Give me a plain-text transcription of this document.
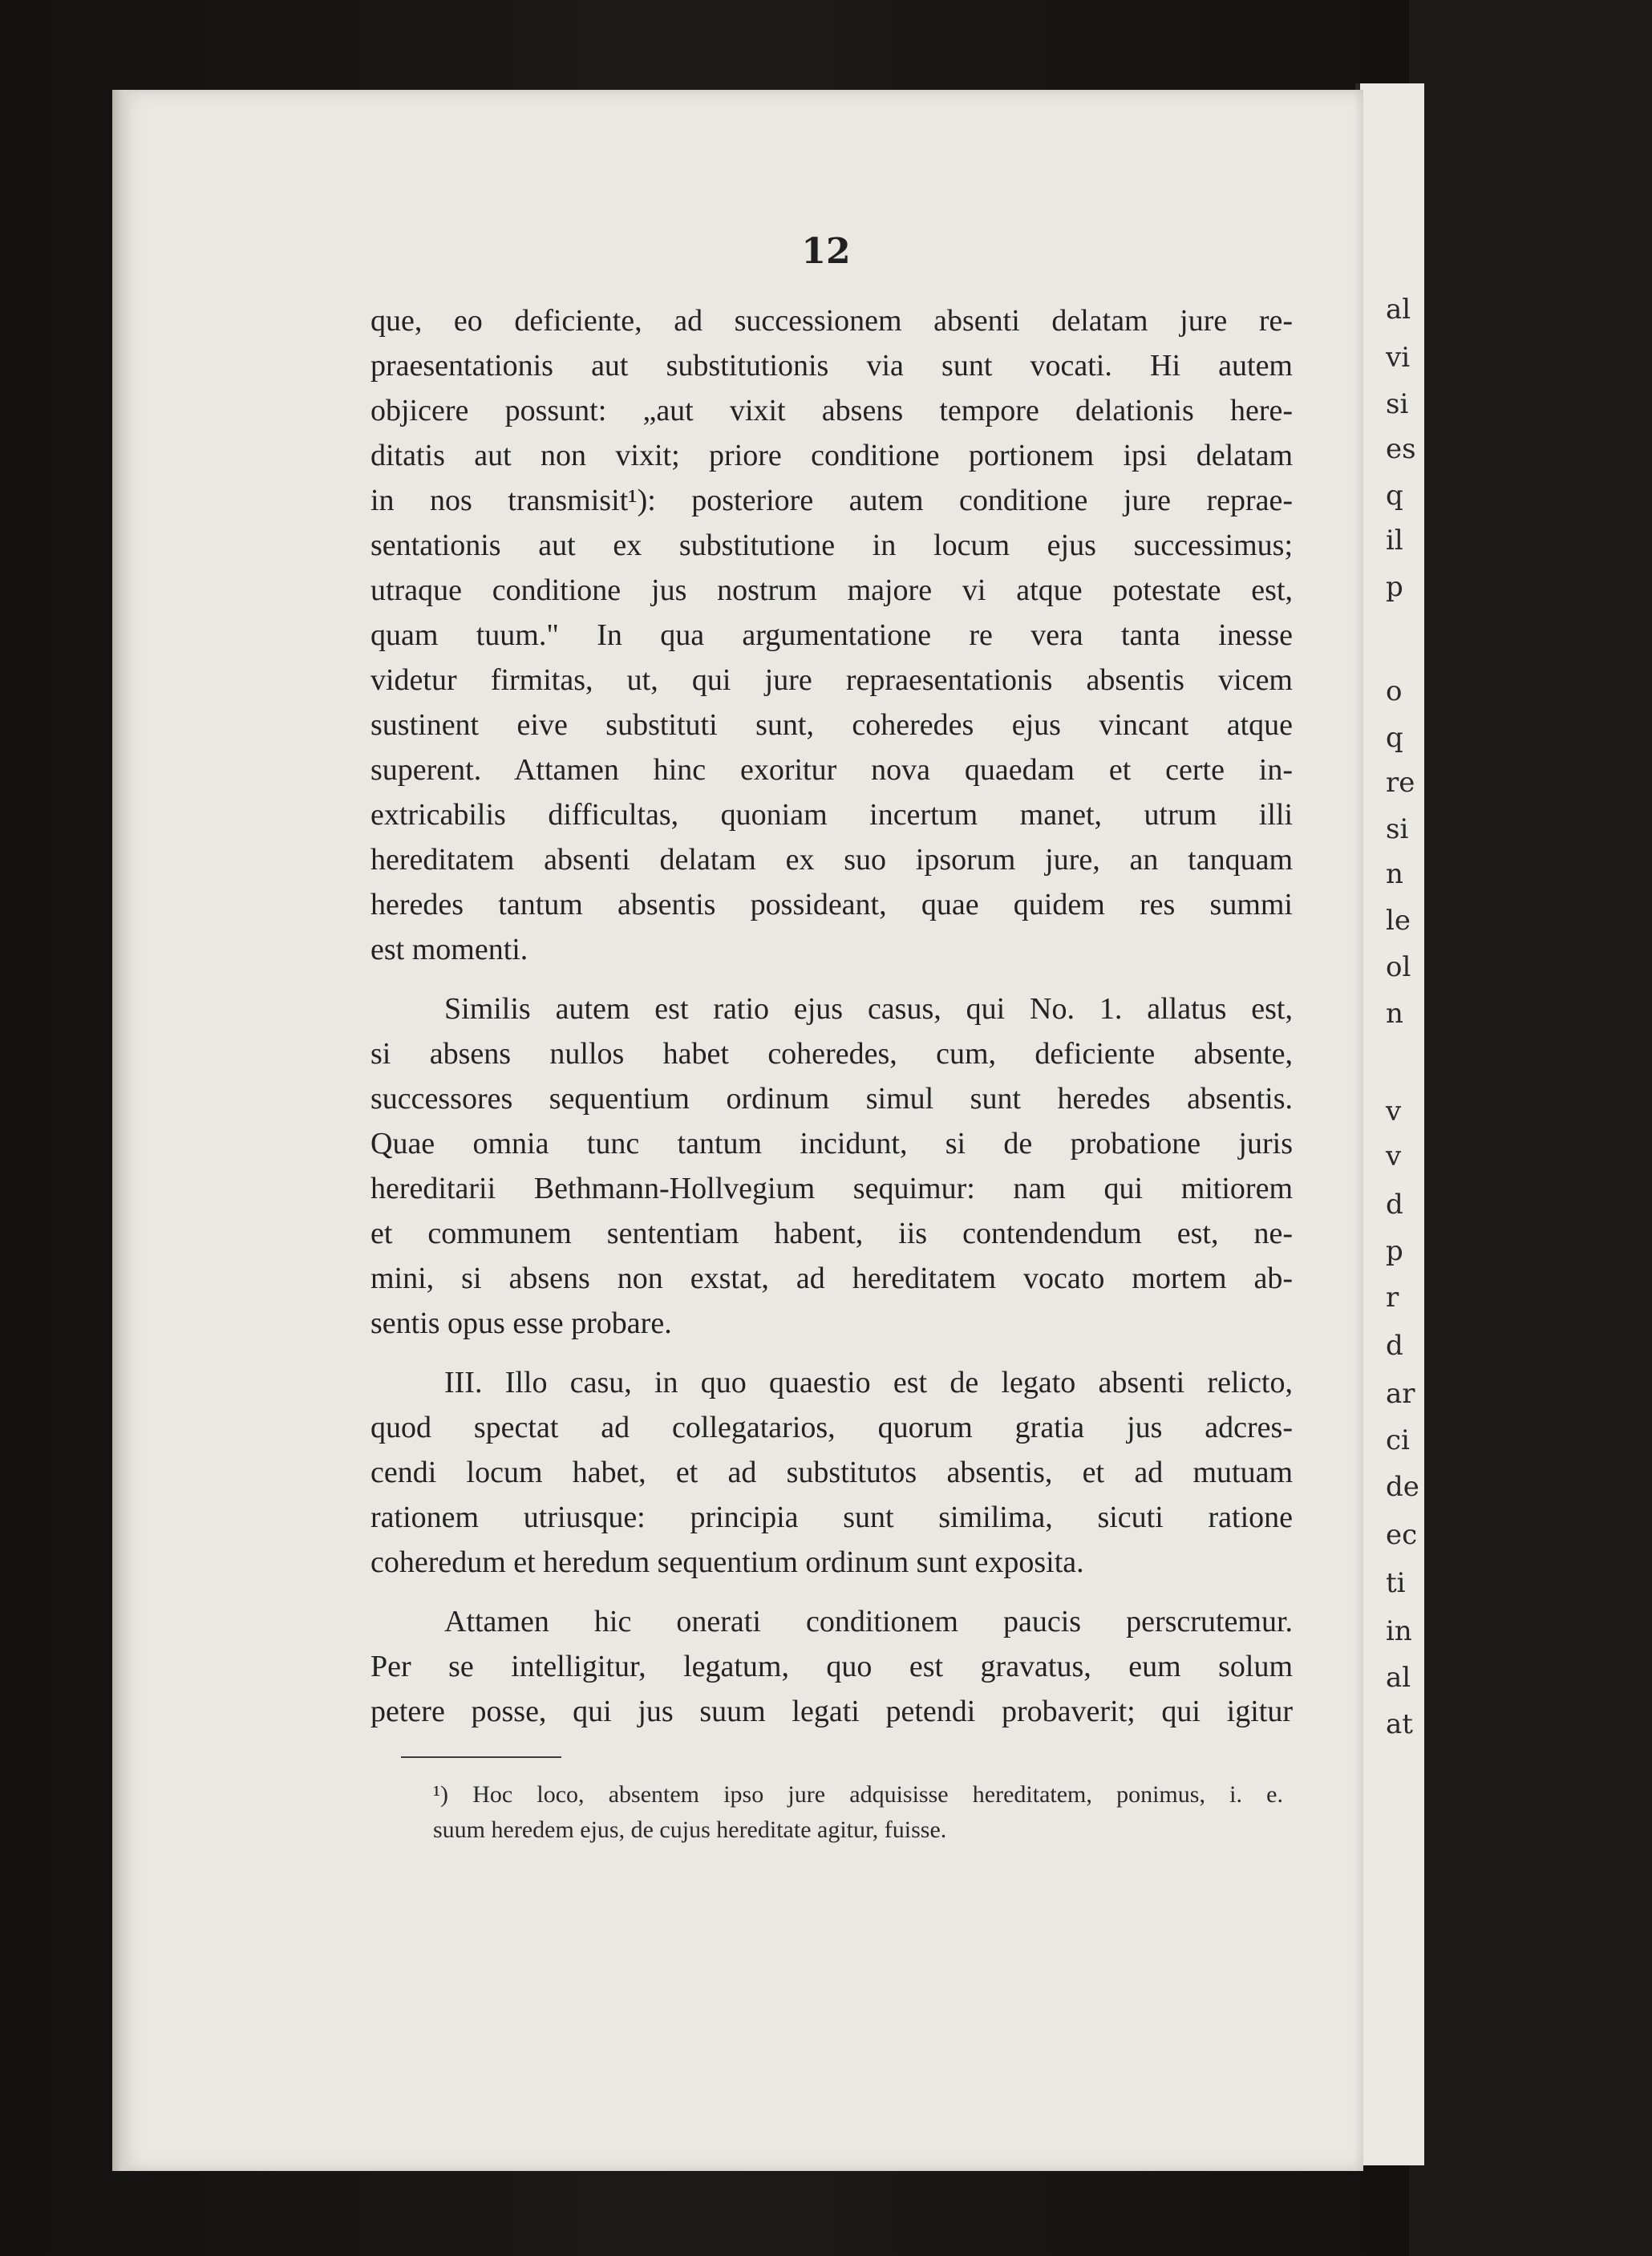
al
vi
si
es
q
il
p
o
q
re
si
n
le
ol
n
v
v
d
p
r
d
ar
ci
de
ec
ti
in
al
at
12
que, eo deficiente, ad successionem absenti delatam jure re-
praesentationis aut substitutionis via sunt vocati. Hi autem
objicere possunt: „aut vixit absens tempore delationis here-
ditatis aut non vixit; priore conditione portionem ipsi delatam
in nos transmisit¹): posteriore autem conditione jure reprae-
sentationis aut ex substitutione in locum ejus successimus;
utraque conditione jus nostrum majore vi atque potestate est,
quam tuum." In qua argumentatione re vera tanta inesse
videtur firmitas, ut, qui jure repraesentationis absentis vicem
sustinent eive substituti sunt, coheredes ejus vincant atque
superent. Attamen hinc exoritur nova quaedam et certe in-
extricabilis difficultas, quoniam incertum manet, utrum illi
hereditatem absenti delatam ex suo ipsorum jure, an tanquam
heredes tantum absentis possideant, quae quidem res summi
est momenti.
Similis autem est ratio ejus casus, qui No. 1. allatus est,
si absens nullos habet coheredes, cum, deficiente absente,
successores sequentium ordinum simul sunt heredes absentis.
Quae omnia tunc tantum incidunt, si de probatione juris
hereditarii Bethmann-Hollvegium sequimur: nam qui mitiorem
et communem sententiam habent, iis contendendum est, ne-
mini, si absens non exstat, ad hereditatem vocato mortem ab-
sentis opus esse probare.
III. Illo casu, in quo quaestio est de legato absenti relicto,
quod spectat ad collegatarios, quorum gratia jus adcres-
cendi locum habet, et ad substitutos absentis, et ad mutuam
rationem utriusque: principia sunt similima, sicuti ratione
coheredum et heredum sequentium ordinum sunt exposita.
Attamen hic onerati conditionem paucis perscrutemur.
Per se intelligitur, legatum, quo est gravatus, eum solum
petere posse, qui jus suum legati petendi probaverit; qui igitur
¹) Hoc loco, absentem ipso jure adquisisse hereditatem, ponimus, i. e.
suum heredem ejus, de cujus hereditate agitur, fuisse.
